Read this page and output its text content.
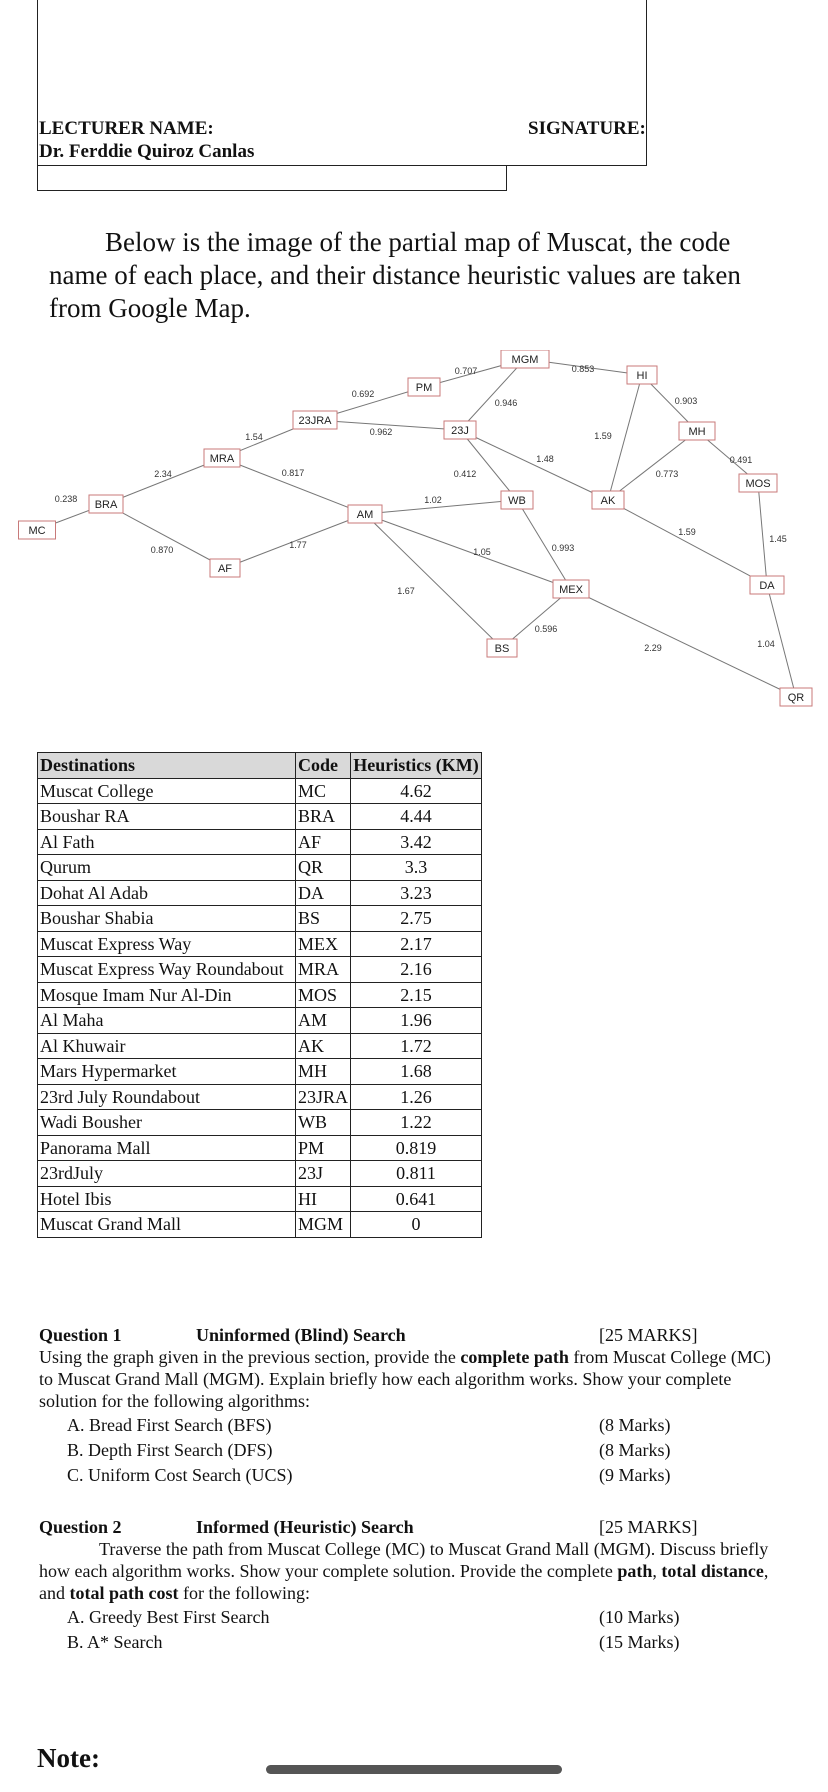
LECTURER NAME:
Dr. Ferddie Quiroz Canlas
SIGNATURE:
Below is the image of the partial map of Muscat, the code name of each place, and their distance heuristic values are taken from Google Map.
0.238
2.34
1.54
0.870
0.817
1.77
0.692
0.962
0.707
0.946
0.853
0.412
1.48
1.02
1.05
1.67
0.993
0.596
2.29
1.59
0.903
0.773
1.59
0.491
1.45
1.04
MC
BRA
MRA
AF
23JRA
AM
PM
23J
MGM
WB
BS
MEX
HI
AK
MH
MOS
DA
QR
Destinations	Code	Heuristics (KM)
Muscat College	MC	4.62
Boushar RA	BRA	4.44
Al Fath	AF	3.42
Qurum	QR	3.3
Dohat Al Adab	DA	3.23
Boushar Shabia	BS	2.75
Muscat Express Way	MEX	2.17
Muscat Express Way Roundabout	MRA	2.16
Mosque Imam Nur Al-Din	MOS	2.15
Al Maha	AM	1.96
Al Khuwair	AK	1.72
Mars Hypermarket	MH	1.68
23rd July Roundabout	23JRA	1.26
Wadi Bousher	WB	1.22
Panorama Mall	PM	0.819
23rdJuly	23J	0.811
Hotel Ibis	HI	0.641
Muscat Grand Mall	MGM	0
Question 1	Uninformed (Blind) Search	[25 MARKS]
Using the graph given in the previous section, provide the complete path from Muscat College (MC) to Muscat Grand Mall (MGM). Explain briefly how each algorithm works. Show your complete solution for the following algorithms:
A. Bread First Search (BFS)	(8 Marks)
B. Depth First Search (DFS)	(8 Marks)
C. Uniform Cost Search (UCS)	(9 Marks)
Question 2	Informed (Heuristic) Search	[25 MARKS]
Traverse the path from Muscat College (MC) to Muscat Grand Mall (MGM). Discuss briefly how each algorithm works. Show your complete solution. Provide the complete path, total distance, and total path cost for the following:
A. Greedy Best First Search	(10 Marks)
B. A* Search	(15 Marks)
Note:
